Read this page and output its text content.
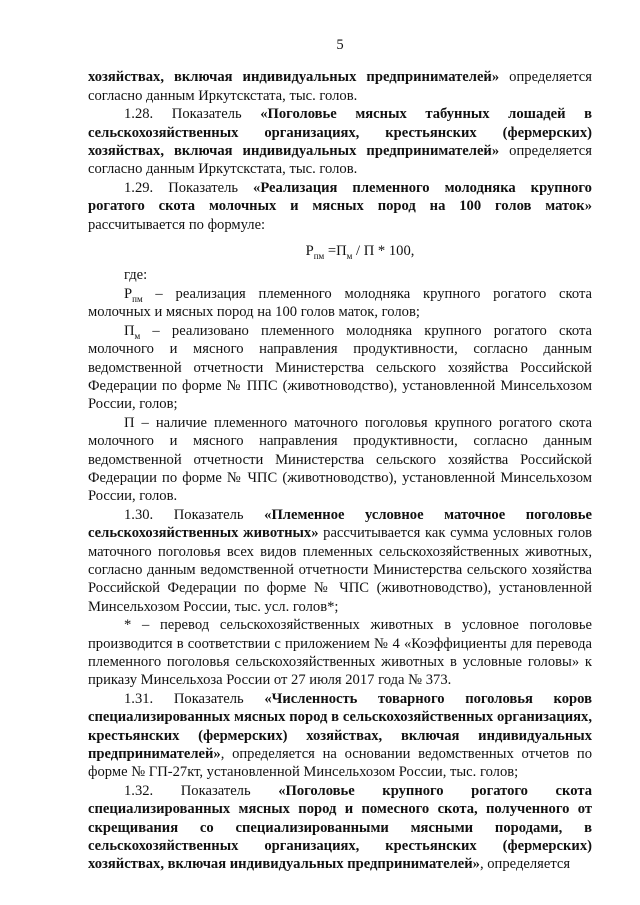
5

хозяйствах, включая индивидуальных предпринимателей» определяется согласно данным Иркутскстата, тыс. голов.

1.28. Показатель «Поголовье мясных табунных лошадей в сельскохозяйственных организациях, крестьянских (фермерских) хозяйствах, включая индивидуальных предпринимателей» определяется согласно данным Иркутскстата, тыс. голов.

1.29. Показатель «Реализация племенного молодняка крупного рогатого скота молочных и мясных пород на 100 голов маток» рассчитывается по формуле:

$Р_{пм} =П_м / П * 100$,

где:

$Р_{пм}$ – реализация племенного молодняка крупного рогатого скота молочных и мясных пород на 100 голов маток, голов;

$П_м$ – реализовано племенного молодняка крупного рогатого скота молочного и мясного направления продуктивности, согласно данным ведомственной отчетности Министерства сельского хозяйства Российской Федерации по форме № ППС (животноводство), установленной Минсельхозом России, голов;

П – наличие племенного маточного поголовья крупного рогатого скота молочного и мясного направления продуктивности, согласно данным ведомственной отчетности Министерства сельского хозяйства Российской Федерации по форме № ЧПС (животноводство), установленной Минсельхозом России, голов.

1.30. Показатель «Племенное условное маточное поголовье сельскохозяйственных животных» рассчитывается как сумма условных голов маточного поголовья всех видов племенных сельскохозяйственных животных, согласно данным ведомственной отчетности Министерства сельского хозяйства Российской Федерации по форме № ЧПС (животноводство), установленной Минсельхозом России, тыс. усл. голов*;

* – перевод сельскохозяйственных животных в условное поголовье производится в соответствии с приложением № 4 «Коэффициенты для перевода племенного поголовья сельскохозяйственных животных в условные головы» к приказу Минсельхоза России от 27 июля 2017 года № 373.

1.31. Показатель «Численность товарного поголовья коров специализированных мясных пород в сельскохозяйственных организациях, крестьянских (фермерских) хозяйствах, включая индивидуальных предпринимателей», определяется на основании ведомственных отчетов по форме № ГП-27кт, установленной Минсельхозом России, тыс. голов;

1.32. Показатель «Поголовье крупного рогатого скота специализированных мясных пород и помесного скота, полученного от скрещивания со специализированными мясными породами, в сельскохозяйственных организациях, крестьянских (фермерских) хозяйствах, включая индивидуальных предпринимателей», определяется
